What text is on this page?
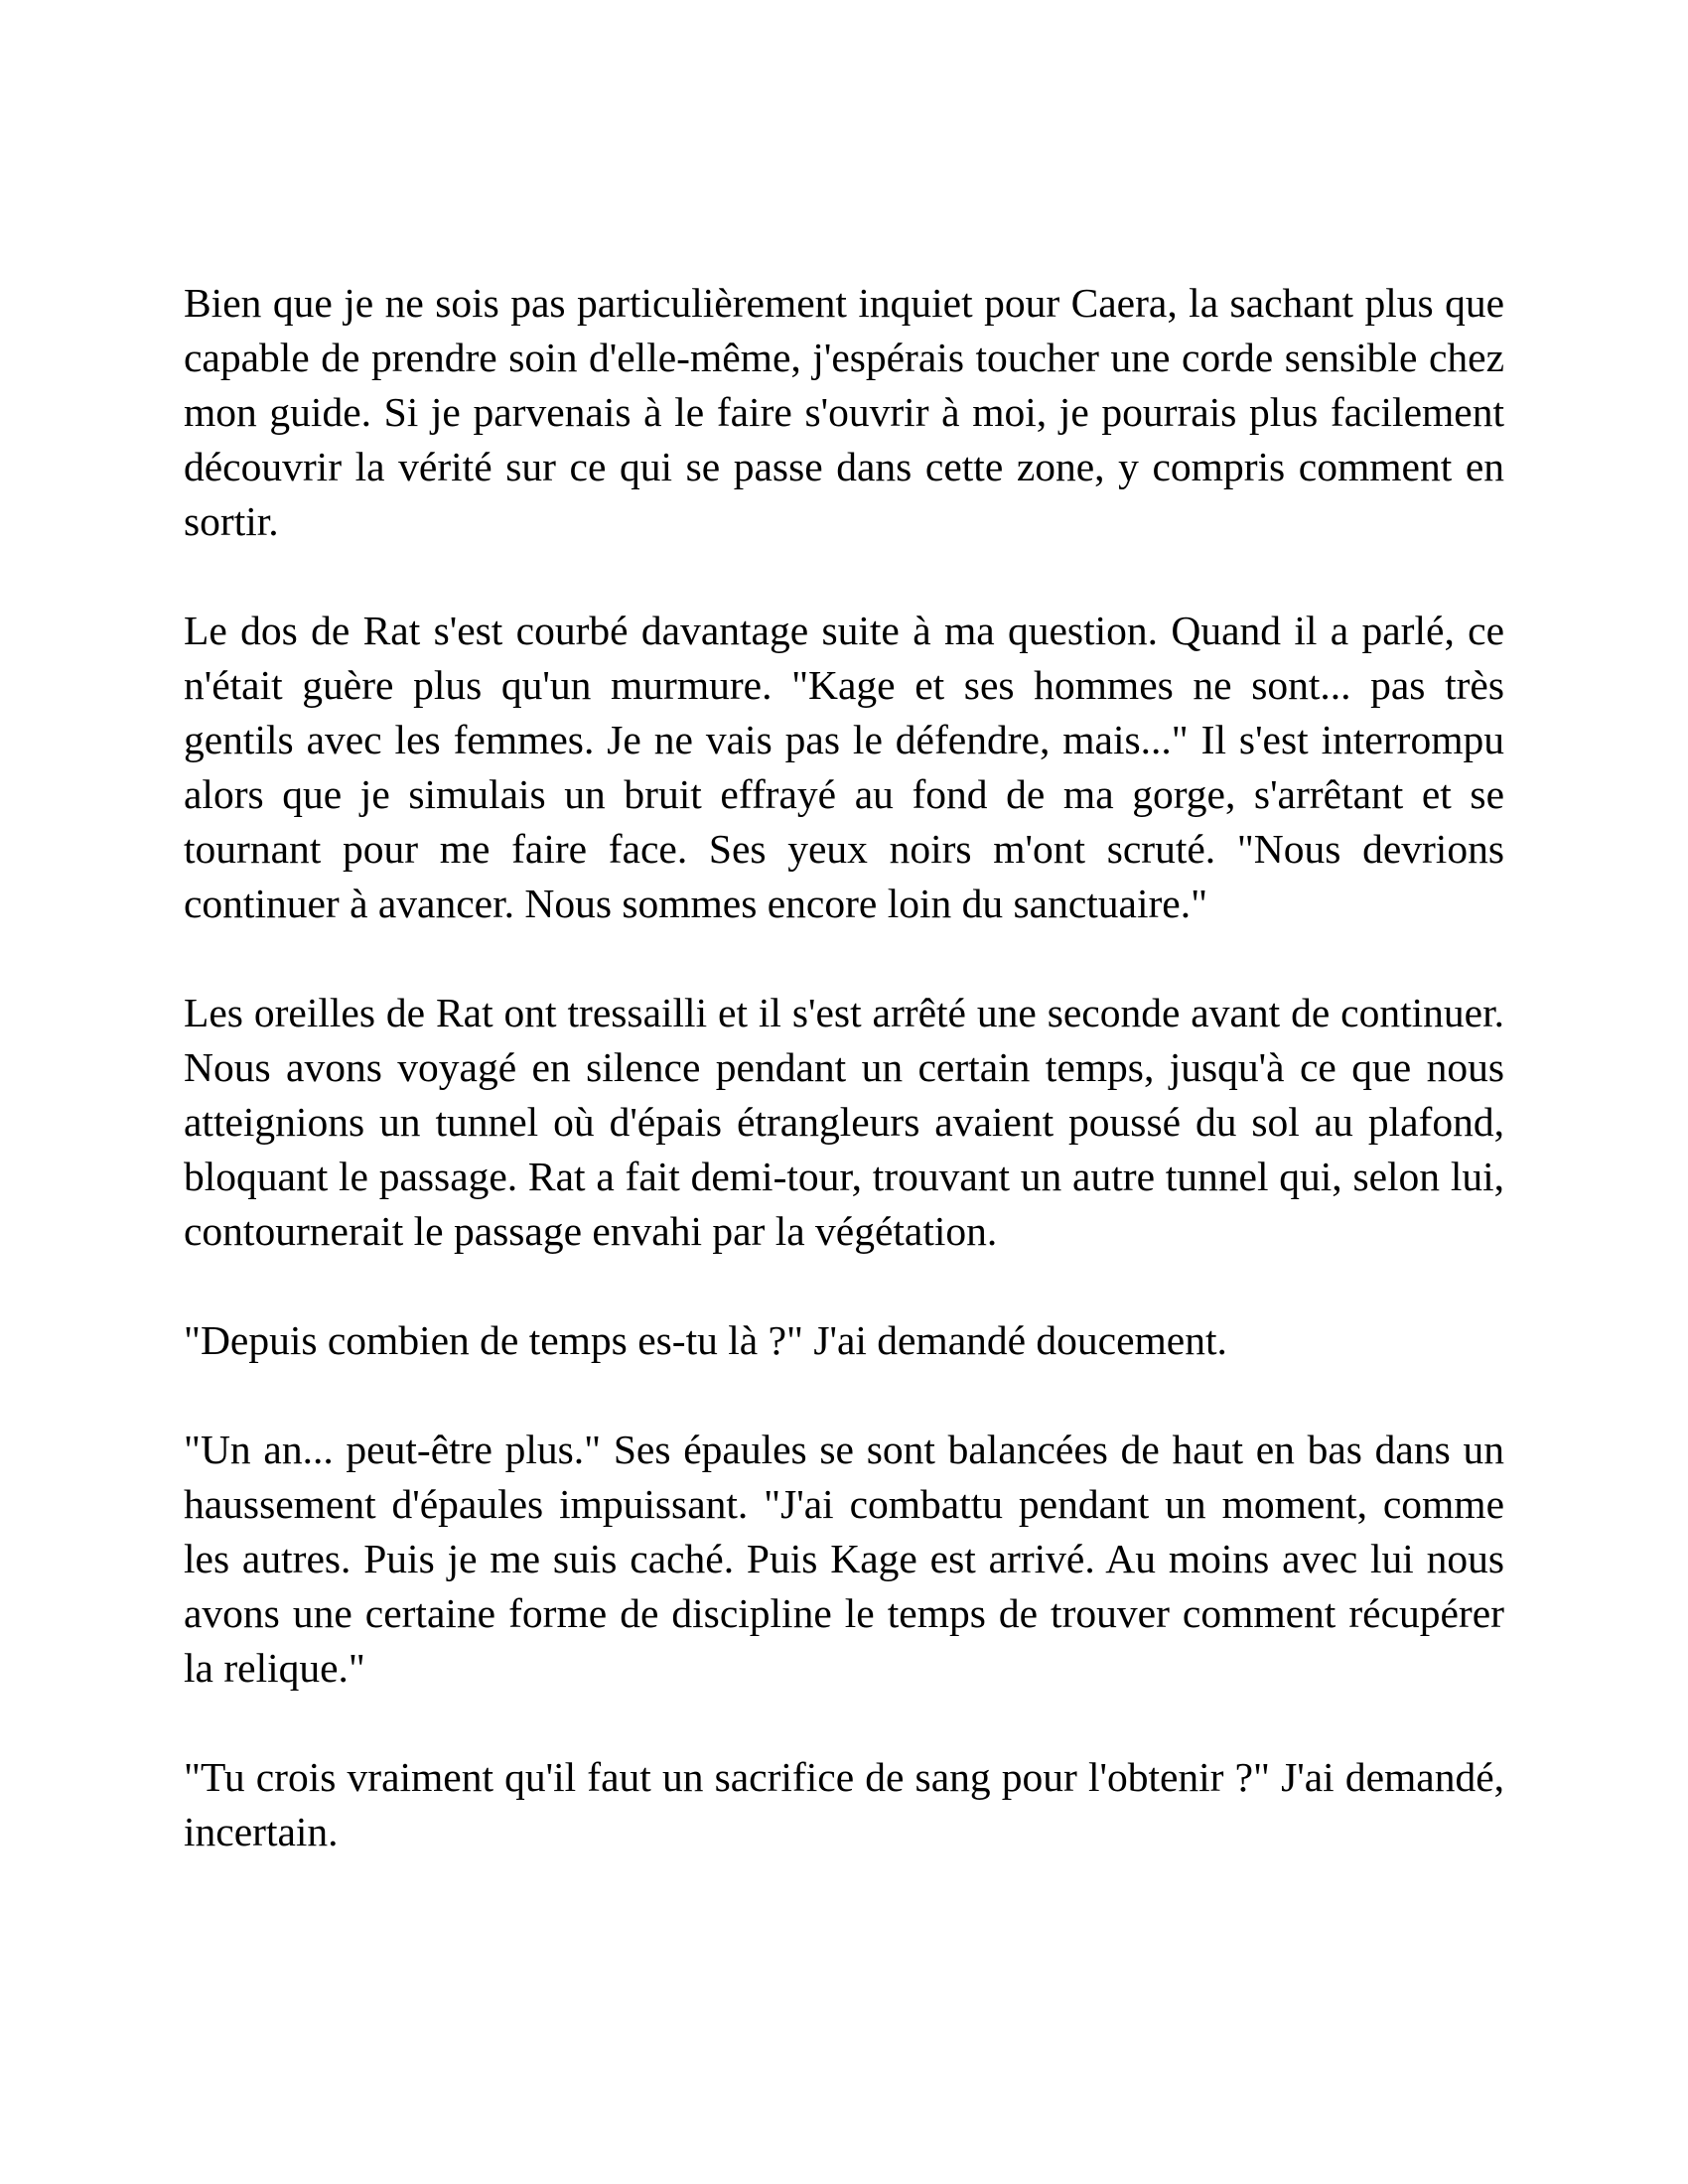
Bien que je ne sois pas particulièrement inquiet pour Caera, la sachant plus que capable de prendre soin d'elle-même, j'espérais toucher une corde sensible chez mon guide. Si je parvenais à le faire s'ouvrir à moi, je pourrais plus facilement découvrir la vérité sur ce qui se passe dans cette zone, y compris comment en sortir.

Le dos de Rat s'est courbé davantage suite à ma question. Quand il a parlé, ce n'était guère plus qu'un murmure. "Kage et ses hommes ne sont... pas très gentils avec les femmes. Je ne vais pas le défendre, mais..." Il s'est interrompu alors que je simulais un bruit effrayé au fond de ma gorge, s'arrêtant et se tournant pour me faire face. Ses yeux noirs m'ont scruté. "Nous devrions continuer à avancer. Nous sommes encore loin du sanctuaire."

Les oreilles de Rat ont tressailli et il s'est arrêté une seconde avant de continuer. Nous avons voyagé en silence pendant un certain temps, jusqu'à ce que nous atteignions un tunnel où d'épais étrangleurs avaient poussé du sol au plafond, bloquant le passage. Rat a fait demi-tour, trouvant un autre tunnel qui, selon lui, contournerait le passage envahi par la végétation.

"Depuis combien de temps es-tu là ?" J'ai demandé doucement.

"Un an... peut-être plus." Ses épaules se sont balancées de haut en bas dans un haussement d'épaules impuissant. "J'ai combattu pendant un moment, comme les autres. Puis je me suis caché. Puis Kage est arrivé. Au moins avec lui nous avons une certaine forme de discipline le temps de trouver comment récupérer la relique."

"Tu crois vraiment qu'il faut un sacrifice de sang pour l'obtenir ?" J'ai demandé, incertain.
